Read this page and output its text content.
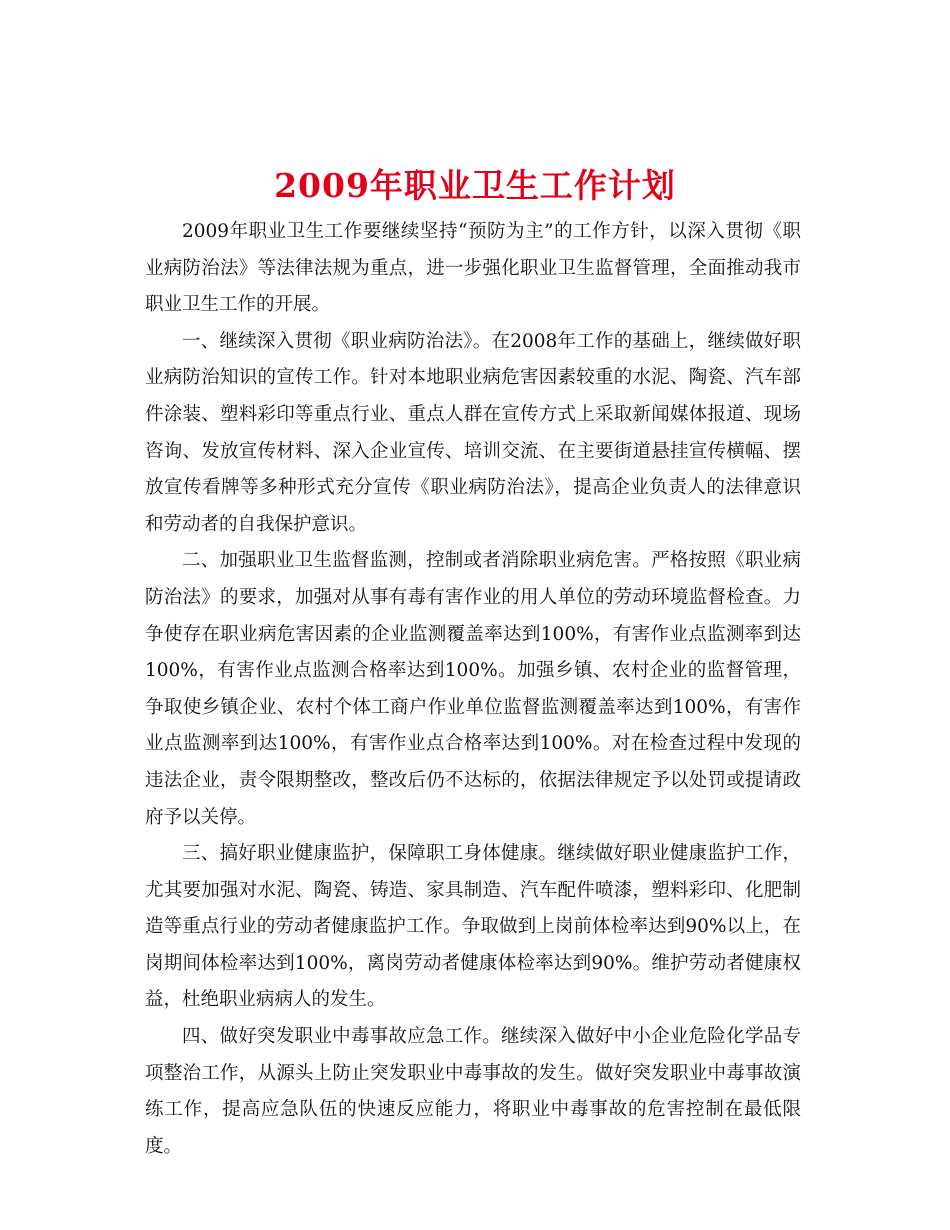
2009年职业卫生工作计划

2009年职业卫生工作要继续坚持“预防为主”的工作方针，以深入贯彻《职业病防治法》等法律法规为重点，进一步强化职业卫生监督管理，全面推动我市职业卫生工作的开展。

一、继续深入贯彻《职业病防治法》。在2008年工作的基础上，继续做好职业病防治知识的宣传工作。针对本地职业病危害因素较重的水泥、陶瓷、汽车部件涂装、塑料彩印等重点行业、重点人群在宣传方式上采取新闻媒体报道、现场咨询、发放宣传材料、深入企业宣传、培训交流、在主要街道悬挂宣传横幅、摆放宣传看牌等多种形式充分宣传《职业病防治法》，提高企业负责人的法律意识和劳动者的自我保护意识。

二、加强职业卫生监督监测，控制或者消除职业病危害。严格按照《职业病防治法》的要求，加强对从事有毒有害作业的用人单位的劳动环境监督检查。力争使存在职业病危害因素的企业监测覆盖率达到100%，有害作业点监测率到达100%，有害作业点监测合格率达到100%。加强乡镇、农村企业的监督管理，争取使乡镇企业、农村个体工商户作业单位监督监测覆盖率达到100%，有害作业点监测率到达100%，有害作业点合格率达到100%。对在检查过程中发现的违法企业，责令限期整改，整改后仍不达标的，依据法律规定予以处罚或提请政府予以关停。

三、搞好职业健康监护，保障职工身体健康。继续做好职业健康监护工作，尤其要加强对水泥、陶瓷、铸造、家具制造、汽车配件喷漆，塑料彩印、化肥制造等重点行业的劳动者健康监护工作。争取做到上岗前体检率达到90%以上，在岗期间体检率达到100%，离岗劳动者健康体检率达到90%。维护劳动者健康权益，杜绝职业病病人的发生。

四、做好突发职业中毒事故应急工作。继续深入做好中小企业危险化学品专项整治工作，从源头上防止突发职业中毒事故的发生。做好突发职业中毒事故演练工作，提高应急队伍的快速反应能力，将职业中毒事故的危害控制在最低限度。
